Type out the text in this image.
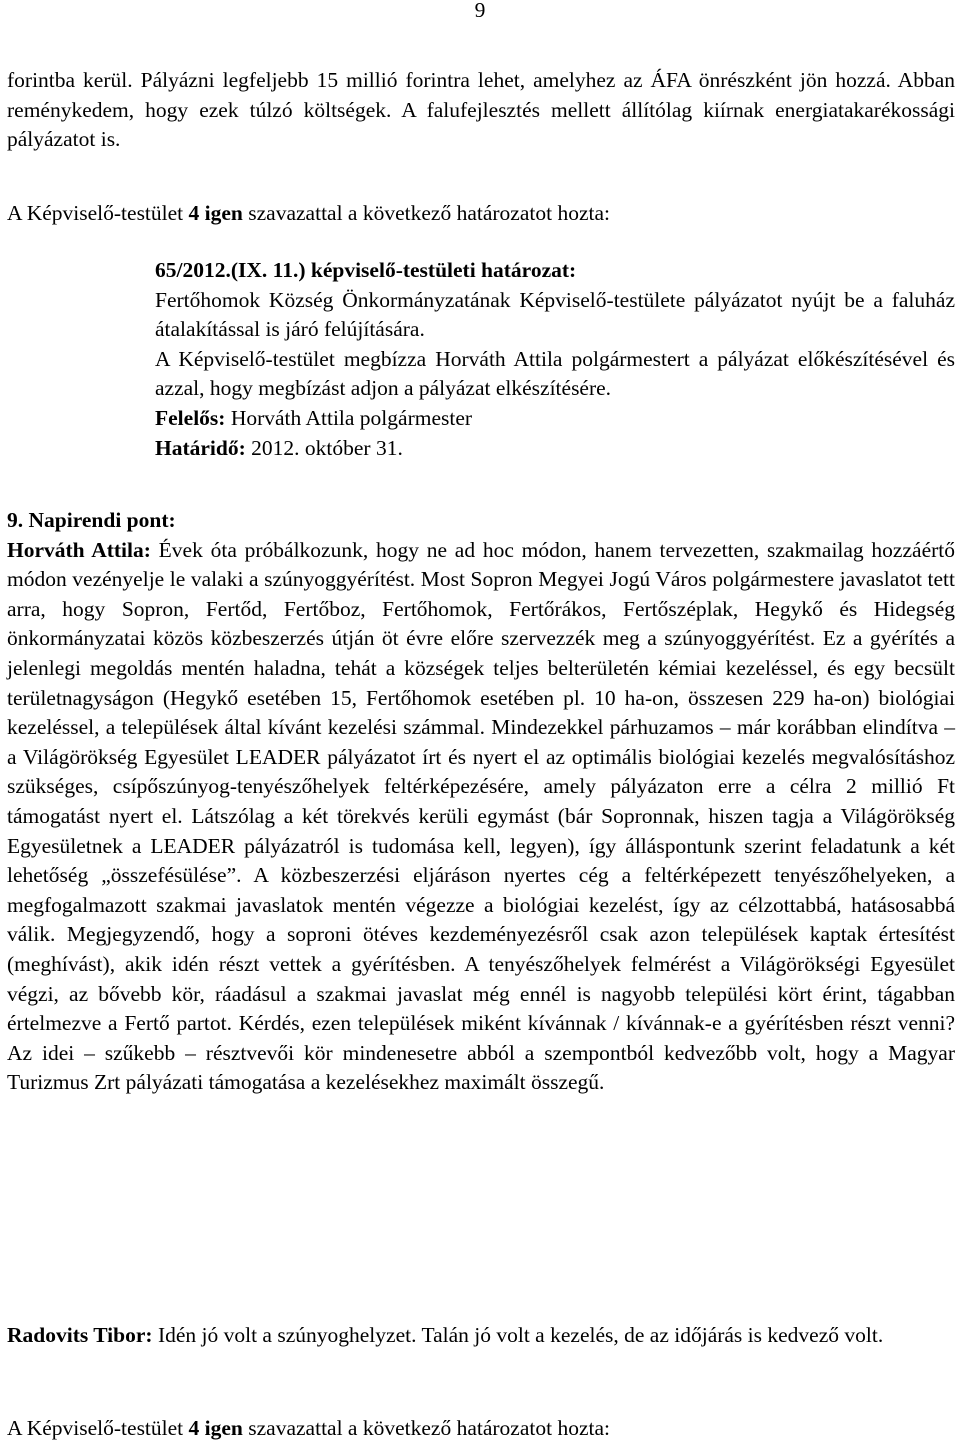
9

forintba kerül. Pályázni legfeljebb 15 millió forintra lehet, amelyhez az ÁFA önrészként jön hozzá. Abban reménykedem, hogy ezek túlzó költségek. A falufejlesztés mellett állítólag kiírnak energiatakarékossági pályázatot is.

A Képviselő-testület 4 igen szavazattal a következő határozatot hozta:

65/2012.(IX. 11.) képviselő-testületi határozat:

Fertőhomok Község Önkormányzatának Képviselő-testülete pályázatot nyújt be a faluház átalakítással is járó felújítására.

A Képviselő-testület megbízza Horváth Attila polgármestert a pályázat előkészítésével és azzal, hogy megbízást adjon a pályázat elkészítésére.

Felelős: Horváth Attila polgármester

Határidő: 2012. október 31.

9. Napirendi pont:

Horváth Attila: Évek óta próbálkozunk, hogy ne ad hoc módon, hanem tervezetten, szakmailag hozzáértő módon vezényelje le valaki a szúnyoggyérítést. Most Sopron Megyei Jogú Város polgármestere javaslatot tett arra, hogy Sopron, Fertőd, Fertőboz, Fertőhomok, Fertőrákos, Fertőszéplak, Hegykő és Hidegség önkormányzatai közös közbeszerzés útján öt évre előre szervezzék meg a szúnyoggyérítést. Ez a gyérítés a jelenlegi megoldás mentén haladna, tehát a községek teljes belterületén kémiai kezeléssel, és egy becsült területnagyságon (Hegykő esetében 15, Fertőhomok esetében pl. 10 ha-on, összesen 229 ha-on) biológiai kezeléssel, a települések által kívánt kezelési számmal. Mindezekkel párhuzamos – már korábban elindítva – a Világörökség Egyesület LEADER pályázatot írt és nyert el az optimális biológiai kezelés megvalósításhoz szükséges, csípőszúnyog-tenyészőhelyek feltérképezésére, amely pályázaton erre a célra 2 millió Ft támogatást nyert el. Látszólag a két törekvés kerüli egymást (bár Sopronnak, hiszen tagja a Világörökség Egyesületnek a LEADER pályázatról is tudomása kell, legyen), így álláspontunk szerint feladatunk a két lehetőség „összefésülése”. A közbeszerzési eljáráson nyertes cég a feltérképezett tenyészőhelyeken, a megfogalmazott szakmai javaslatok mentén végezze a biológiai kezelést, így az célzottabbá, hatásosabbá válik. Megjegyzendő, hogy a soproni ötéves kezdeményezésről csak azon települések kaptak értesítést (meghívást), akik idén részt vettek a gyérítésben. A tenyészőhelyek felmérést a Világörökségi Egyesület végzi, az bővebb kör, ráadásul a szakmai javaslat még ennél is nagyobb települési kört érint, tágabban értelmezve a Fertő partot. Kérdés, ezen települések miként kívánnak / kívánnak-e a gyérítésben részt venni? Az idei – szűkebb – résztvevői kör mindenesetre abból a szempontból kedvezőbb volt, hogy a Magyar Turizmus Zrt pályázati támogatása a kezelésekhez maximált összegű.

Radovits Tibor: Idén jó volt a szúnyoghelyzet. Talán jó volt a kezelés, de az időjárás is kedvező volt.

A Képviselő-testület 4 igen szavazattal a következő határozatot hozta:
